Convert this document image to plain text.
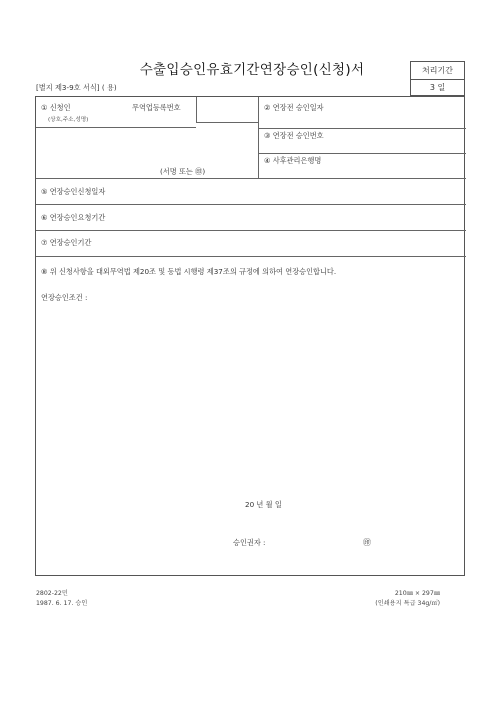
수출입승인유효기간연장승인(신청)서	처리기간
3 일
[별지 제3-9호 서식] ( 용)
① 신청인	무역업등록번호
(상호,주소,성명)
(서명 또는 ㊞)
② 연장전 승인일자
③ 연장전 승인번호
④ 사후관리은행명
⑤ 연장승인신청일자
⑥ 연장승인요청기간
⑦ 연장승인기간
⑧ 위 신청사항을 대외무역법 제20조 및 동법 시행령 제37조의 규정에 의하여 연장승인합니다.
연장승인조건 :
20 년 월 일
승인권자 :	㊞
2802-22민
1987. 6. 17. 승인
210㎜ × 297㎜
(인쇄용지 특급 34g/㎡)
